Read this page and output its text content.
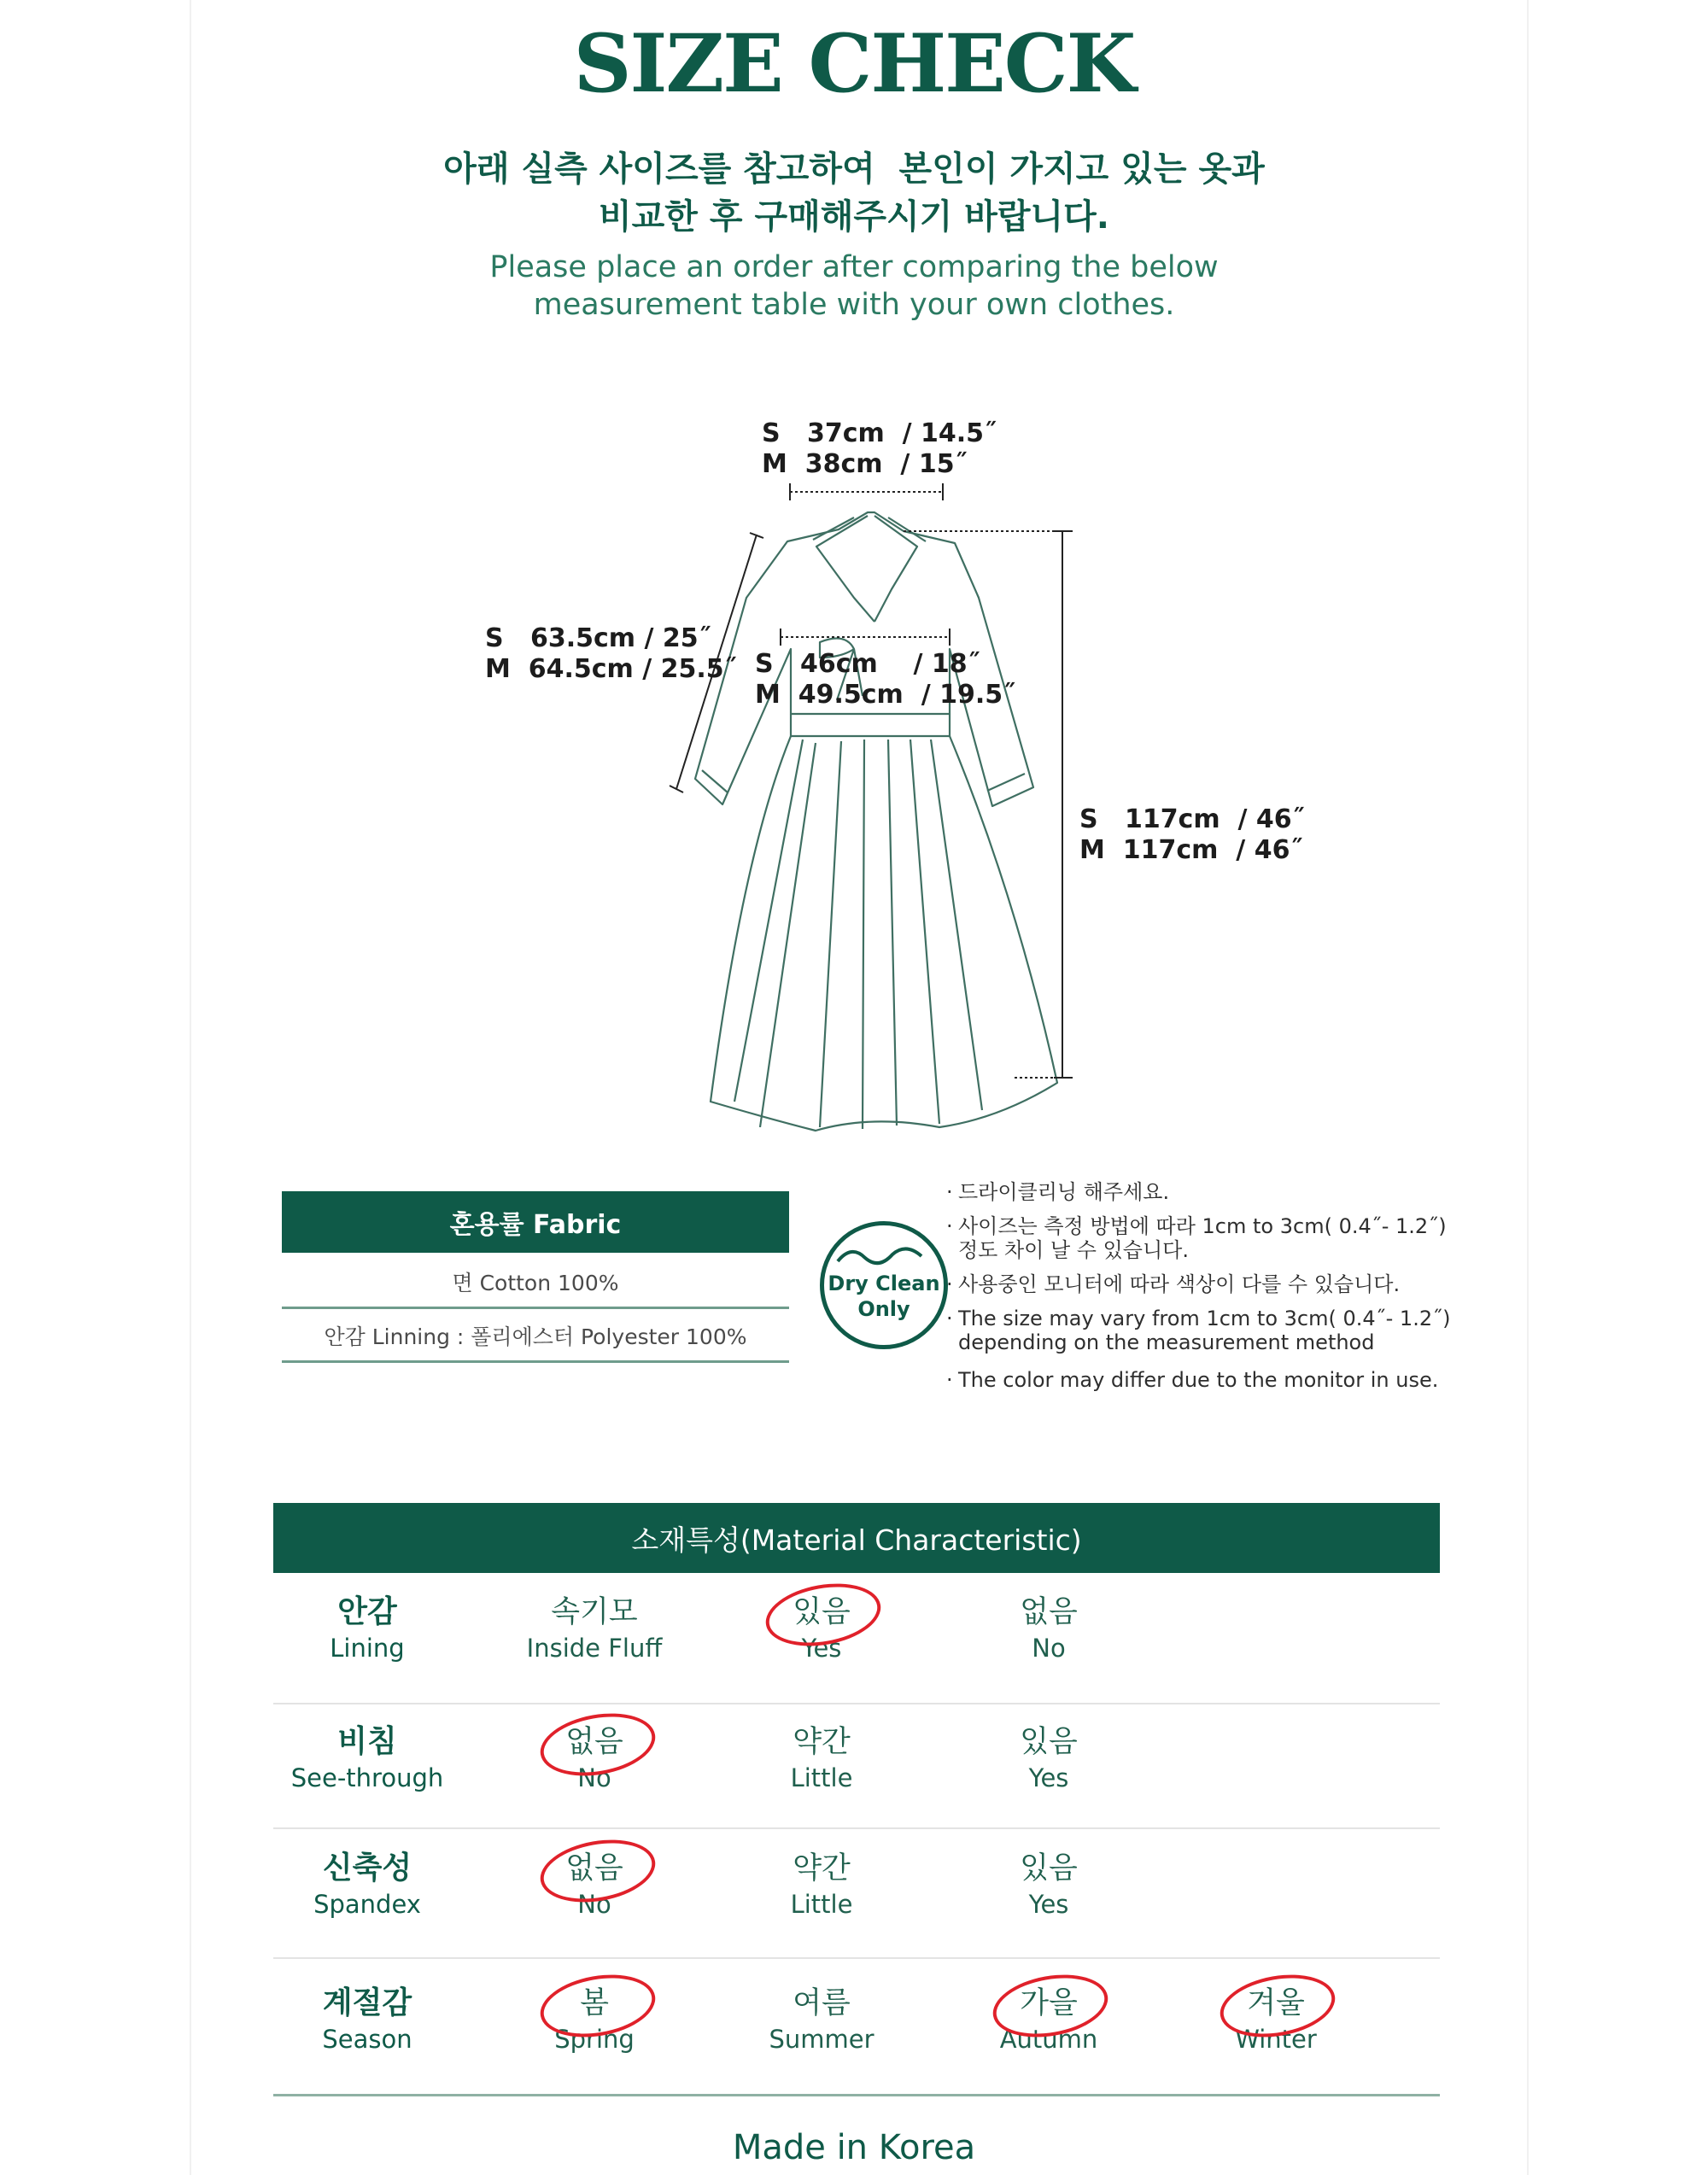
SIZE CHECK
아래 실측 사이즈를 참고하여  본인이 가지고 있는 옷과
비교한 후 구매해주시기 바랍니다.
Please place an order after comparing the below
measurement table with your own clothes.
S   37cm  / 14.5˝
M  38cm  / 15˝
S   63.5cm / 25˝
M  64.5cm / 25.5˝ S   46cm    / 18˝
M  49.5cm  / 19.5˝
S   117cm  / 46˝
M  117cm  / 46˝
혼용률 Fabric
면 Cotton 100%
안감 Linning : 폴리에스터 Polyester 100%
Dry Clean
Only
· 드라이클리닝 해주세요.
· 사이즈는 측정 방법에 따라 1cm to 3cm( 0.4˝- 1.2˝)
정도 차이 날 수 있습니다.
· 사용중인 모니터에 따라 색상이 다를 수 있습니다.
· The size may vary from 1cm to 3cm( 0.4˝- 1.2˝)
depending on the measurement method
· The color may differ due to the monitor in use.
소재특성(Material Characteristic)
안감
Lining
속기모
Inside Fluff
있음
Yes
없음
No
비침
See-through
없음
No
약간
Little
있음
Yes
신축성
Spandex
없음
No
약간
Little
있음
Yes
계절감
Season
봄
Spring
여름
Summer
가을
Autumn
겨울
Winter
Made in Korea
